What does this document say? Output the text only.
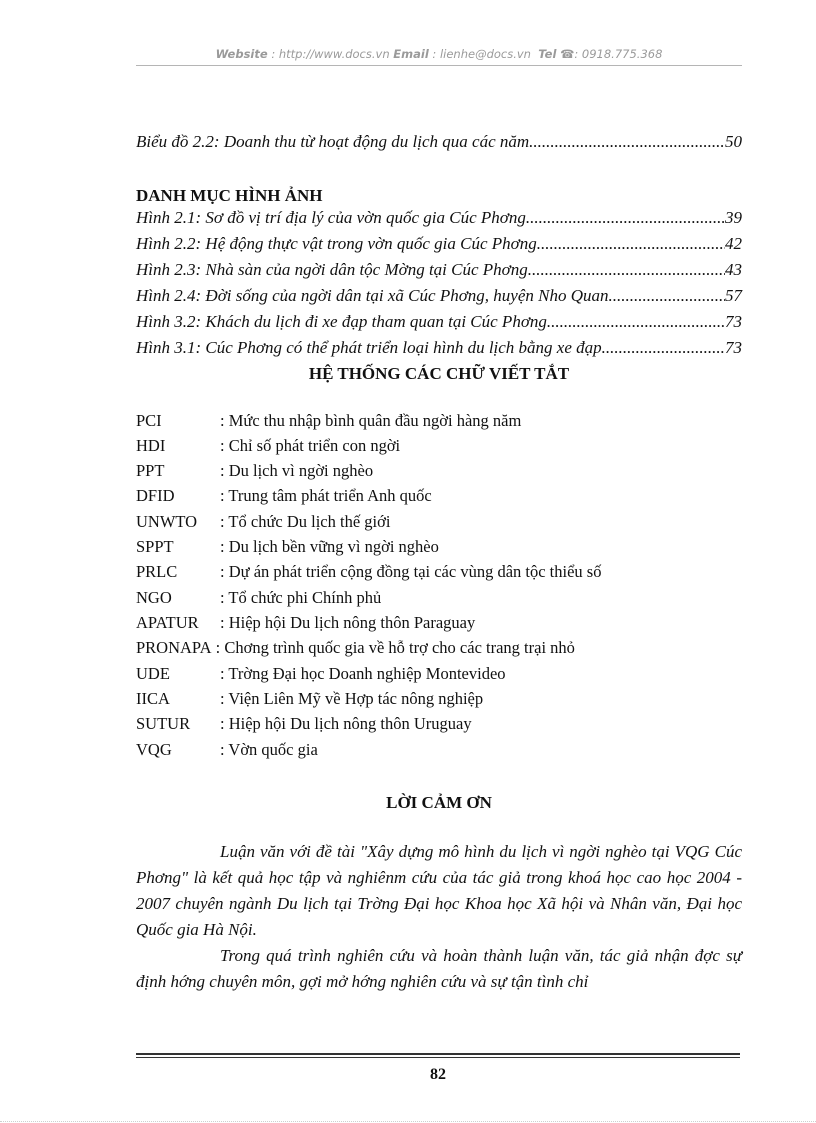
Website : http://www.docs.vn Email : lienhe@docs.vn Tel ☎: 0918.775.368
Biểu đồ 2.2: Doanh thu từ hoạt động du lịch qua các năm .....	50
DANH MỤC HÌNH ẢNH
Hình 2.1: Sơ đồ vị trí địa lý của vờn quốc gia Cúc Phơng .....	39
Hình 2.2: Hệ động thực vật trong vờn quốc gia Cúc Phơng .....	42
Hình 2.3: Nhà sàn của ngời dân tộc Mờng tại Cúc Phơng .....	43
Hình 2.4: Đời sống của ngời dân tại xã Cúc Phơng, huyện Nho Quan .....	57
Hình 3.2: Khách du lịch đi xe đạp tham quan tại Cúc Phơng .....	73
Hình 3.1: Cúc Phơng có thể phát triển loại hình du lịch bằng xe đạp .....	73
HỆ THỐNG CÁC CHỮ VIẾT TẮT
PCI	: Mức thu nhập bình quân đầu ngời hàng năm
HDI	: Chỉ số phát triển con ngời
PPT	: Du lịch vì ngời nghèo
DFID	: Trung tâm phát triển Anh quốc
UNWTO : Tổ chức Du lịch thế giới
SPPT	: Du lịch bền vững vì ngời nghèo
PRLC	: Dự án phát triển cộng đồng tại các vùng dân tộc thiểu số
NGO	: Tổ chức phi Chính phủ
APATUR : Hiệp hội Du lịch nông thôn Paraguay
PRONAPA : Chơng trình quốc gia về hỗ trợ cho các trang trại nhỏ
UDE	: Trờng Đại học Doanh nghiệp Montevideo
IICA	: Viện Liên Mỹ về Hợp tác nông nghiệp
SUTUR : Hiệp hội Du lịch nông thôn Uruguay
VQG	: Vờn quốc gia
LỜI CẢM ƠN

Luận văn với đề tài "Xây dựng mô hình du lịch vì ngời nghèo tại VQG Cúc Phơng" là kết quả học tập và nghiênm cứu của tác giả trong khoá học cao học 2004 - 2007 chuyên ngành Du lịch tại Trờng Đại học Khoa học Xã hội và Nhân văn, Đại học Quốc gia Hà Nội.

Trong quá trình nghiên cứu và hoàn thành luận văn, tác giả nhận đợc sự định hớng chuyên môn, gợi mở hớng nghiên cứu và sự tận tình chỉ

82
